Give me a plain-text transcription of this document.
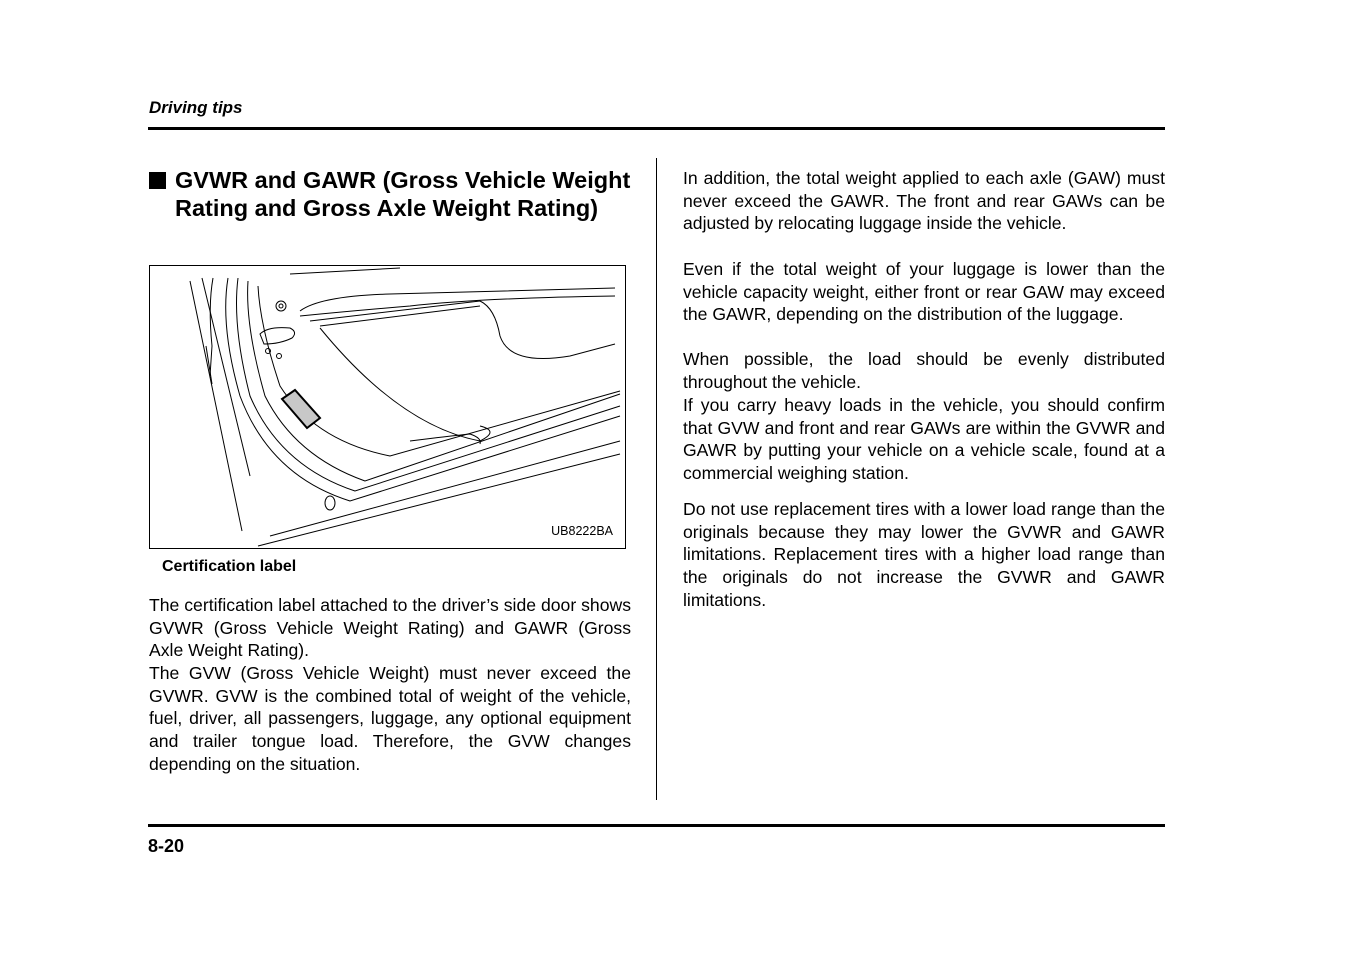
Driving tips
GVWR and GAWR (Gross Vehicle Weight Rating and Gross Axle Weight Rating)
UB8222BA
Certification label
The certification label attached to the driver’s side door shows GVWR (Gross Vehicle Weight Rating) and GAWR (Gross Axle Weight Rating).
The GVW (Gross Vehicle Weight) must never exceed the GVWR. GVW is the combined total of weight of the vehicle, fuel, driver, all passengers, luggage, any optional equipment and trailer tongue load. Therefore, the GVW changes depending on the situation.
In addition, the total weight applied to each axle (GAW) must never exceed the GAWR. The front and rear GAWs can be adjusted by relocating luggage inside the vehicle.
Even if the total weight of your luggage is lower than the vehicle capacity weight, either front or rear GAW may exceed the GAWR, depending on the distribution of the luggage.
When possible, the load should be evenly distributed throughout the vehicle.
If you carry heavy loads in the vehicle, you should confirm that GVW and front and rear GAWs are within the GVWR and GAWR by putting your vehicle on a vehicle scale, found at a commercial weighing station.
Do not use replacement tires with a lower load range than the originals because they may lower the GVWR and GAWR limitations. Replacement tires with a higher load range than the originals do not increase the GVWR and GAWR limitations.
8-20
